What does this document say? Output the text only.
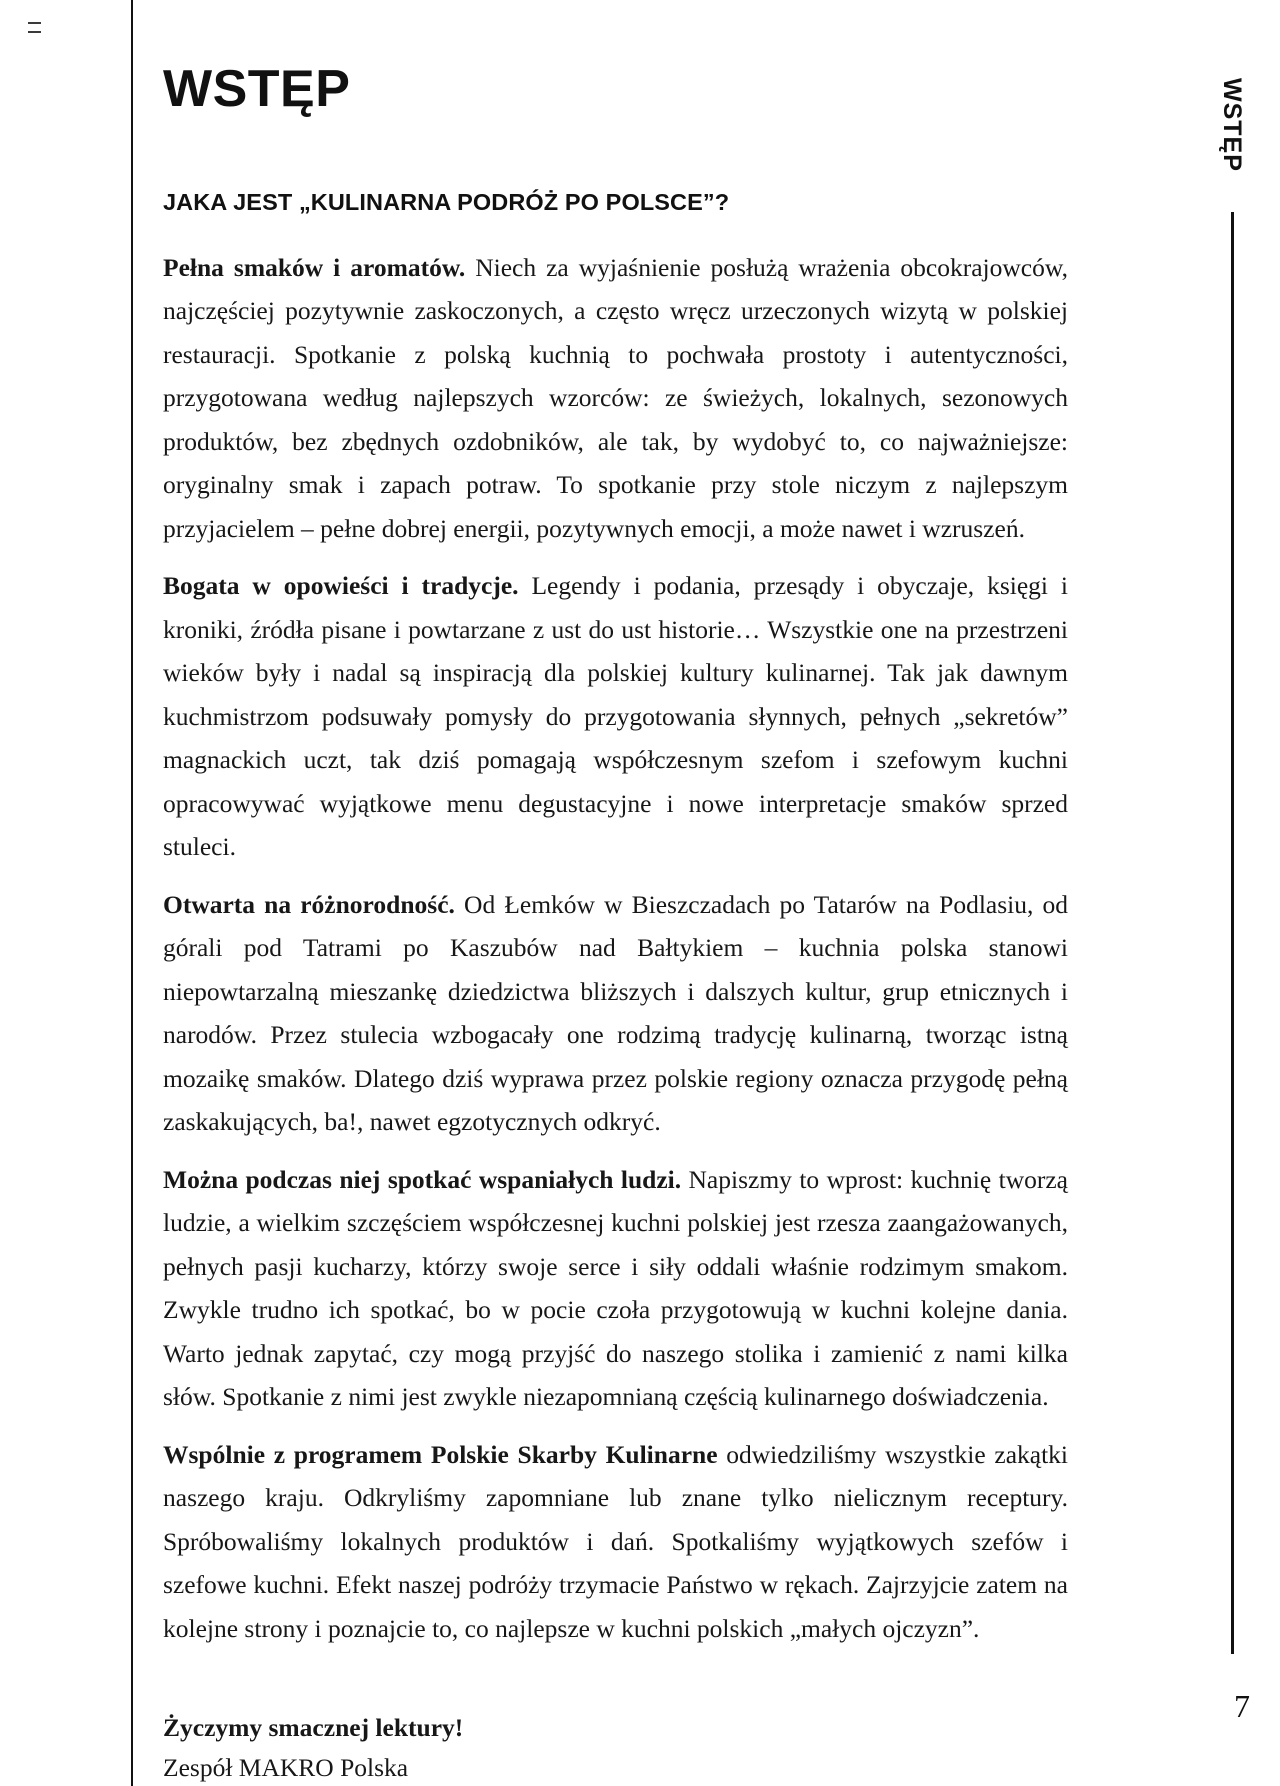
WSTĘP
JAKA JEST „KULINARNA PODRÓŻ PO POLSCE”?

Pełna smaków i aromatów. Niech za wyjaśnienie posłużą wrażenia obcokrajowców, najczęściej pozytywnie zaskoczonych, a często wręcz urzeczonych wizytą w polskiej restauracji. Spotkanie z polską kuchnią to pochwała prostoty i autentyczności, przygotowana według najlepszych wzorców: ze świeżych, lokalnych, sezonowych produktów, bez zbędnych ozdobników, ale tak, by wydobyć to, co najważniejsze: oryginalny smak i zapach potraw. To spotkanie przy stole niczym z najlepszym przyjacielem – pełne dobrej energii, pozytywnych emocji, a może nawet i wzruszeń.

Bogata w opowieści i tradycje. Legendy i podania, przesądy i obyczaje, księgi i kroniki, źródła pisane i powtarzane z ust do ust historie… Wszystkie one na przestrzeni wieków były i nadal są inspiracją dla polskiej kultury kulinarnej. Tak jak dawnym kuchmistrzom podsuwały pomysły do przygotowania słynnych, pełnych „sekretów” magnackich uczt, tak dziś pomagają współczesnym szefom i szefowym kuchni opracowywać wyjątkowe menu degustacyjne i nowe interpretacje smaków sprzed stuleci.

Otwarta na różnorodność. Od Łemków w Bieszczadach po Tatarów na Podlasiu, od górali pod Tatrami po Kaszubów nad Bałtykiem – kuchnia polska stanowi niepowtarzalną mieszankę dziedzictwa bliższych i dalszych kultur, grup etnicznych i narodów. Przez stulecia wzbogacały one rodzimą tradycję kulinarną, tworząc istną mozaikę smaków. Dlatego dziś wyprawa przez polskie regiony oznacza przygodę pełną zaskakujących, ba!, nawet egzotycznych odkryć.

Można podczas niej spotkać wspaniałych ludzi. Napiszmy to wprost: kuchnię tworzą ludzie, a wielkim szczęściem współczesnej kuchni polskiej jest rzesza zaangażowanych, pełnych pasji kucharzy, którzy swoje serce i siły oddali właśnie rodzimym smakom. Zwykle trudno ich spotkać, bo w pocie czoła przygotowują w kuchni kolejne dania. Warto jednak zapytać, czy mogą przyjść do naszego stolika i zamienić z nami kilka słów. Spotkanie z nimi jest zwykle niezapomnianą częścią kulinarnego doświadczenia.

Wspólnie z programem Polskie Skarby Kulinarne odwiedziliśmy wszystkie zakątki naszego kraju. Odkryliśmy zapomniane lub znane tylko nielicznym receptury. Spróbowaliśmy lokalnych produktów i dań. Spotkaliśmy wyjątkowych szefów i szefowe kuchni. Efekt naszej podróży trzymacie Państwo w rękach. Zajrzyjcie zatem na kolejne strony i poznajcie to, co najlepsze w kuchni polskich „małych ojczyzn”.

Życzymy smacznej lektury!

Zespół MAKRO Polska

WSTĘP
7
